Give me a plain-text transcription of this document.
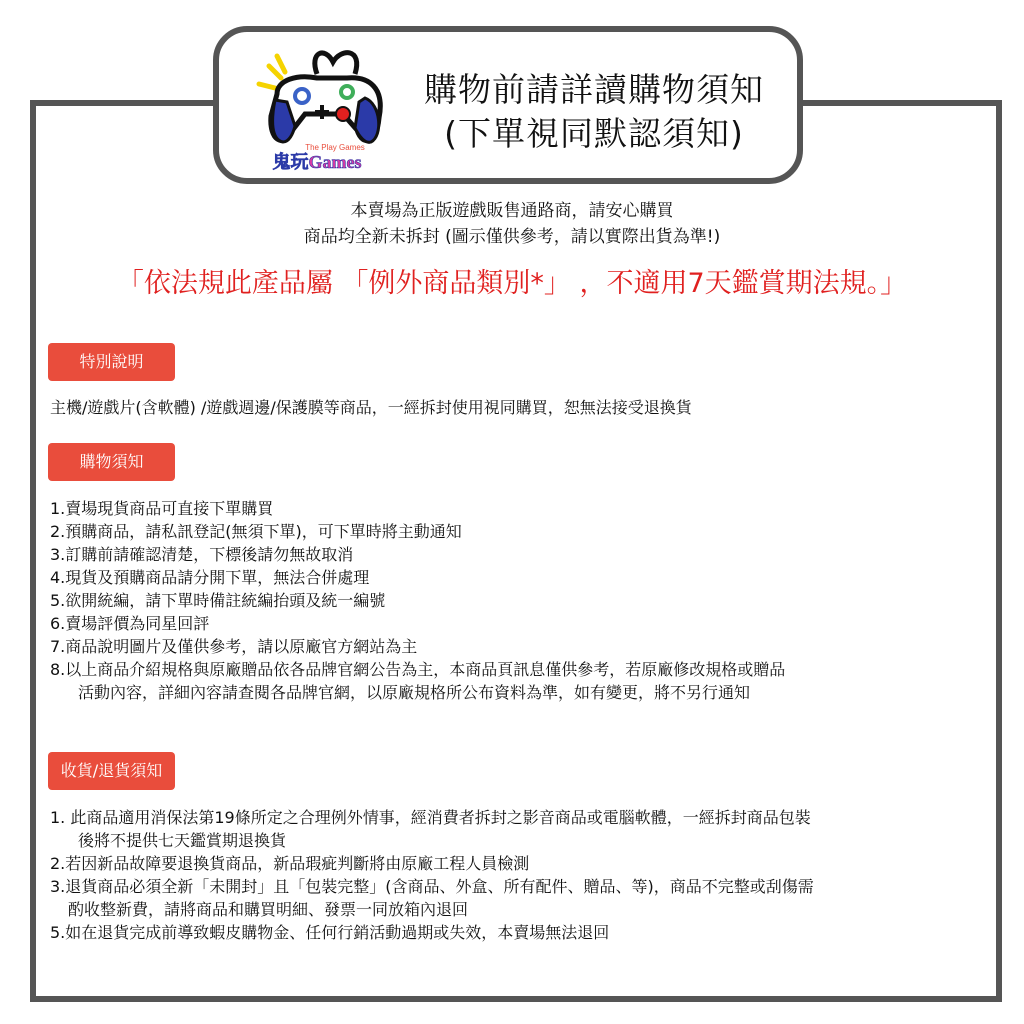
The Play Games
鬼玩Games
購物前請詳讀購物須知
(下單視同默認須知)
本賣場為正版遊戲販售通路商，請安心購買
商品均全新未拆封 (圖示僅供參考，請以實際出貨為準!)
「依法規此產品屬 「例外商品類別*」 ，不適用7天鑑賞期法規。」
特別說明
主機/遊戲片(含軟體) /遊戲週邊/保護膜等商品，一經拆封使用視同購買，恕無法接受退換貨
購物須知
1.賣場現貨商品可直接下單購買
2.預購商品，請私訊登記(無須下單)，可下單時將主動通知
3.訂購前請確認清楚，下標後請勿無故取消
4.現貨及預購商品請分開下單，無法合併處理
5.欲開統編，請下單時備註統編抬頭及統一編號
6.賣場評價為同星回評
7.商品說明圖片及僅供參考，請以原廠官方網站為主
8.以上商品介紹規格與原廠贈品依各品牌官網公告為主，本商品頁訊息僅供參考，若原廠修改規格或贈品
活動內容，詳細內容請查閱各品牌官網，以原廠規格所公布資料為準，如有變更，將不另行通知
收貨/退貨須知
1. 此商品適用消保法第19條所定之合理例外情事，經消費者拆封之影音商品或電腦軟體，一經拆封商品包裝
後將不提供七天鑑賞期退換貨
2.若因新品故障要退換貨商品，新品瑕疵判斷將由原廠工程人員檢測
3.退貨商品必須全新「未開封」且「包裝完整」(含商品、外盒、所有配件、贈品、等)，商品不完整或刮傷需
酌收整新費，請將商品和購買明細、發票一同放箱內退回
5.如在退貨完成前導致蝦皮購物金、任何行銷活動過期或失效，本賣場無法退回
